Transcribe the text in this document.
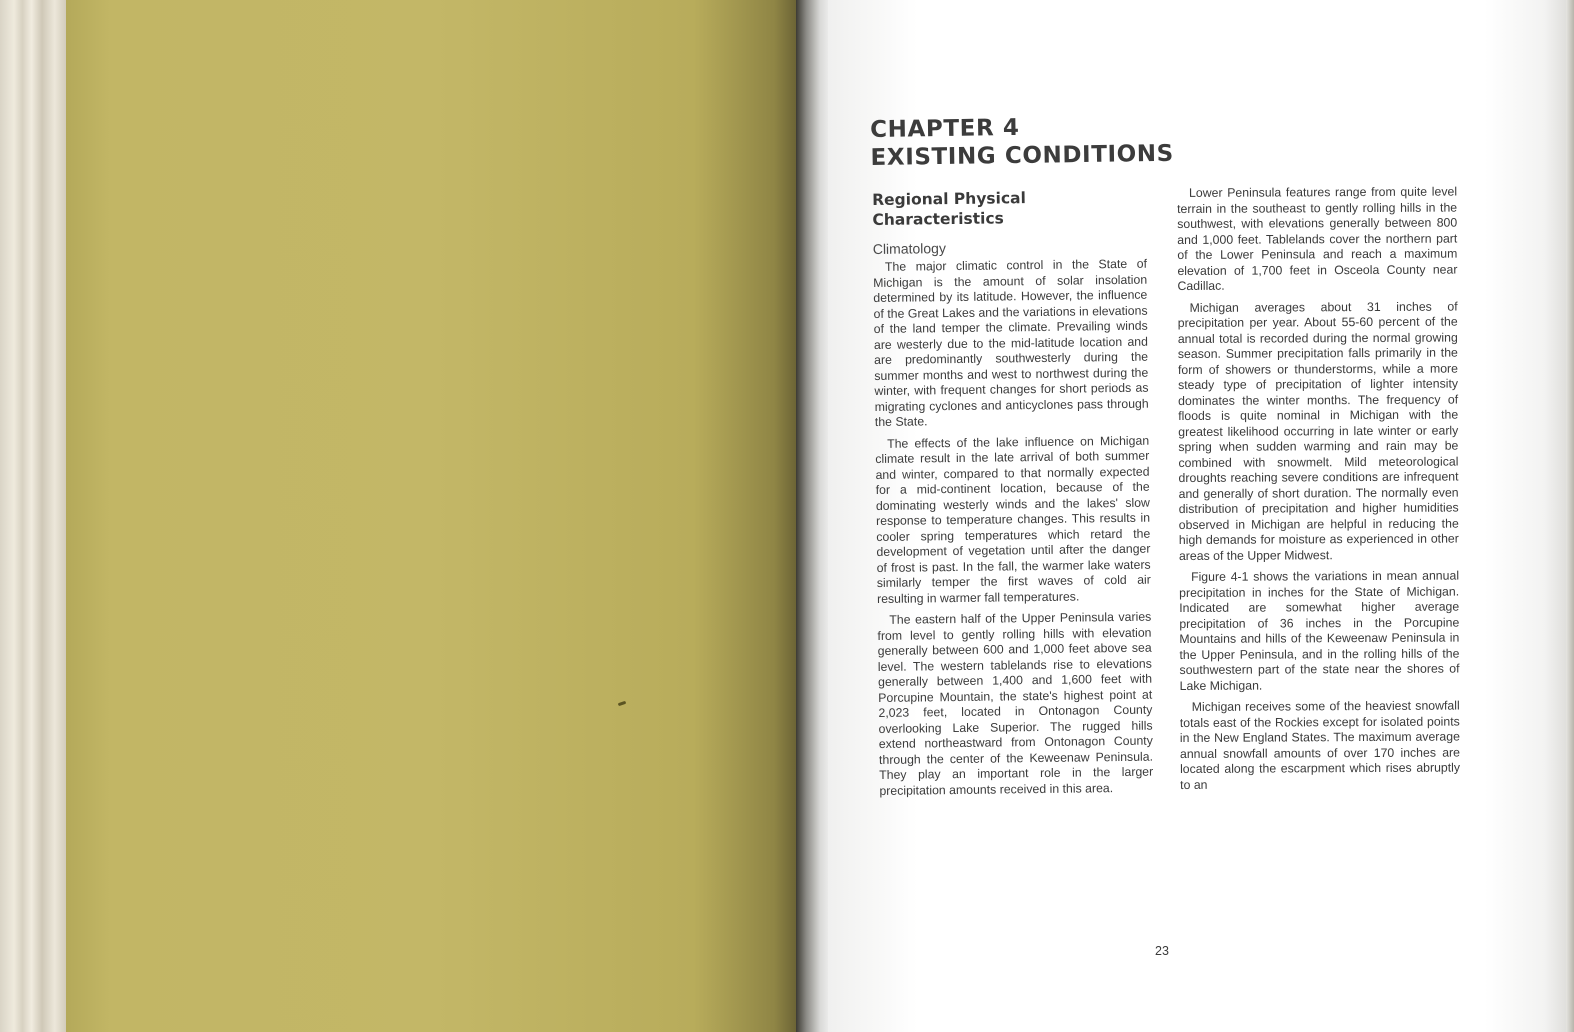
CHAPTER 4
EXISTING CONDITIONS
Regional Physical Characteristics
Climatology

The major climatic control in the State of Michigan is the amount of solar insolation determined by its latitude. However, the influence of the Great Lakes and the variations in elevations of the land temper the climate. Prevailing winds are westerly due to the mid-latitude location and are predominantly southwesterly during the summer months and west to northwest during the winter, with frequent changes for short periods as migrating cyclones and anticyclones pass through the State.

The effects of the lake influence on Michigan climate result in the late arrival of both summer and winter, compared to that normally expected for a mid-continent location, because of the dominating westerly winds and the lakes' slow response to temperature changes. This results in cooler spring temperatures which retard the development of vegetation until after the danger of frost is past. In the fall, the warmer lake waters similarly temper the first waves of cold air resulting in warmer fall temperatures.

The eastern half of the Upper Peninsula varies from level to gently rolling hills with elevation generally between 600 and 1,000 feet above sea level. The western tablelands rise to elevations generally between 1,400 and 1,600 feet with Porcupine Mountain, the state's highest point at 2,023 feet, located in Ontonagon County overlooking Lake Superior. The rugged hills extend northeastward from Ontonagon County through the center of the Keweenaw Peninsula. They play an important role in the larger precipitation amounts received in this area.

Lower Peninsula features range from quite level terrain in the southeast to gently rolling hills in the southwest, with elevations generally between 800 and 1,000 feet. Tablelands cover the northern part of the Lower Peninsula and reach a maximum elevation of 1,700 feet in Osceola County near Cadillac.

Michigan averages about 31 inches of precipitation per year. About 55-60 percent of the annual total is recorded during the normal growing season. Summer precipitation falls primarily in the form of showers or thunderstorms, while a more steady type of precipitation of lighter intensity dominates the winter months. The frequency of floods is quite nominal in Michigan with the greatest likelihood occurring in late winter or early spring when sudden warming and rain may be combined with snowmelt. Mild meteorological droughts reaching severe conditions are infrequent and generally of short duration. The normally even distribution of precipitation and higher humidities observed in Michigan are helpful in reducing the high demands for moisture as experienced in other areas of the Upper Midwest.

Figure 4-1 shows the variations in mean annual precipitation in inches for the State of Michigan. Indicated are somewhat higher average precipitation of 36 inches in the Porcupine Mountains and hills of the Keweenaw Peninsula in the Upper Peninsula, and in the rolling hills of the southwestern part of the state near the shores of Lake Michigan.

Michigan receives some of the heaviest snowfall totals east of the Rockies except for isolated points in the New England States. The maximum average annual snowfall amounts of over 170 inches are located along the escarpment which rises abruptly to an

23
